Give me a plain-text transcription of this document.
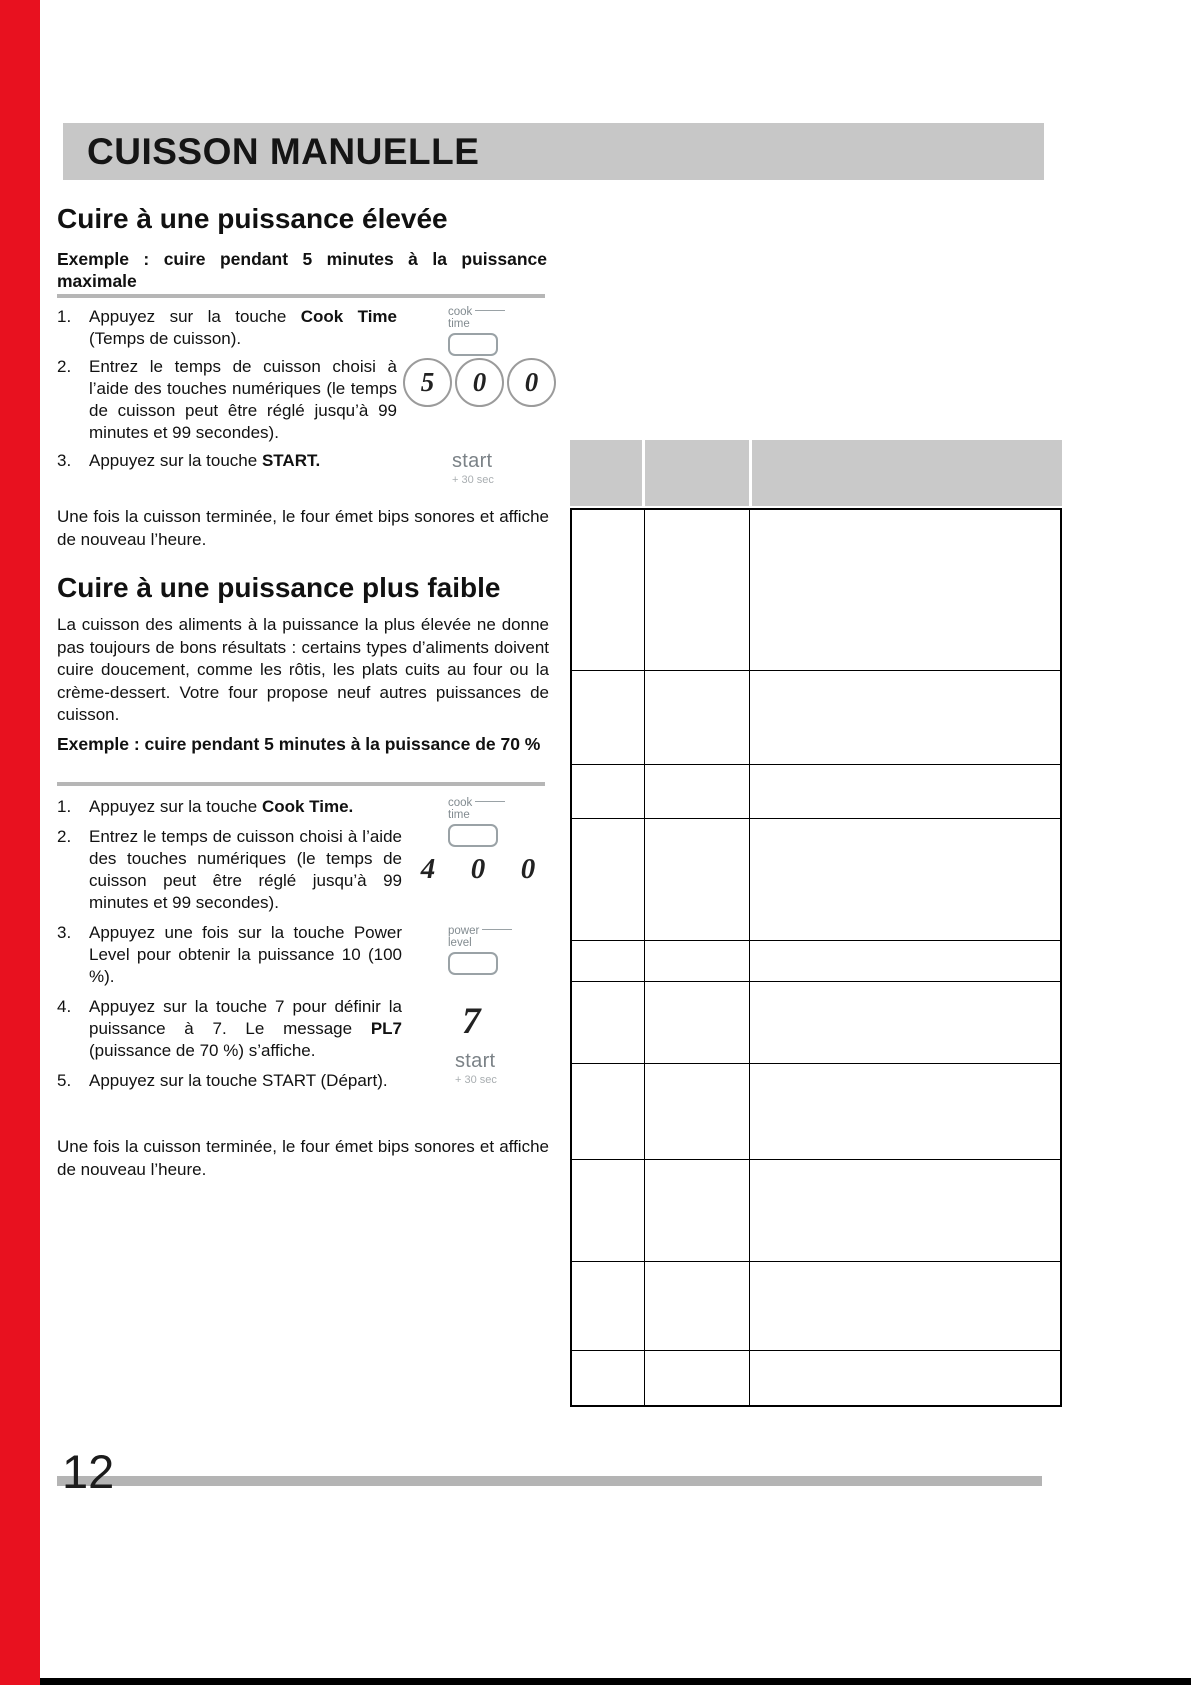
CUISSON MANUELLE
Cuire à une puissance élevée
Exemple : cuire pendant 5 minutes à la puissance maximale
1.	Appuyez sur la touche Cook Time (Temps de cuisson).
2.	Entrez le temps de cuisson choisi à l’aide des touches numériques (le temps de cuisson peut être réglé jusqu’à 99 minutes et 99 secondes).
3.	Appuyez sur la touche START.
cook
time
5	0	0
start
+ 30 sec
Une fois la cuisson terminée, le four émet bips sonores et affiche de nouveau l’heure.
Cuire à une puissance plus faible
La cuisson des aliments à la puissance la plus élevée ne donne pas toujours de bons résultats : certains types d’aliments doivent cuire doucement, comme les rôtis, les plats cuits au four ou la crème-dessert. Votre four propose neuf autres puissances de cuisson.
Exemple : cuire pendant 5 minutes à la puissance de 70 %
1.	Appuyez sur la touche Cook Time.
2.	Entrez le temps de cuisson choisi à l’aide des touches numériques (le temps de cuisson peut être réglé jusqu’à 99 minutes et 99 secondes).
3.	Appuyez une fois sur la touche Power Level pour obtenir la puissance 10 (100 %).
4.	Appuyez sur la touche 7 pour définir la puissance à 7. Le message PL7 (puissance de 70 %) s’affiche.
5.	Appuyez sur la touche START (Départ).
cook
time
4 0 0
power
level
7
start
+ 30 sec
Une fois la cuisson terminée, le four émet bips sonores et affiche de nouveau l’heure.
12
